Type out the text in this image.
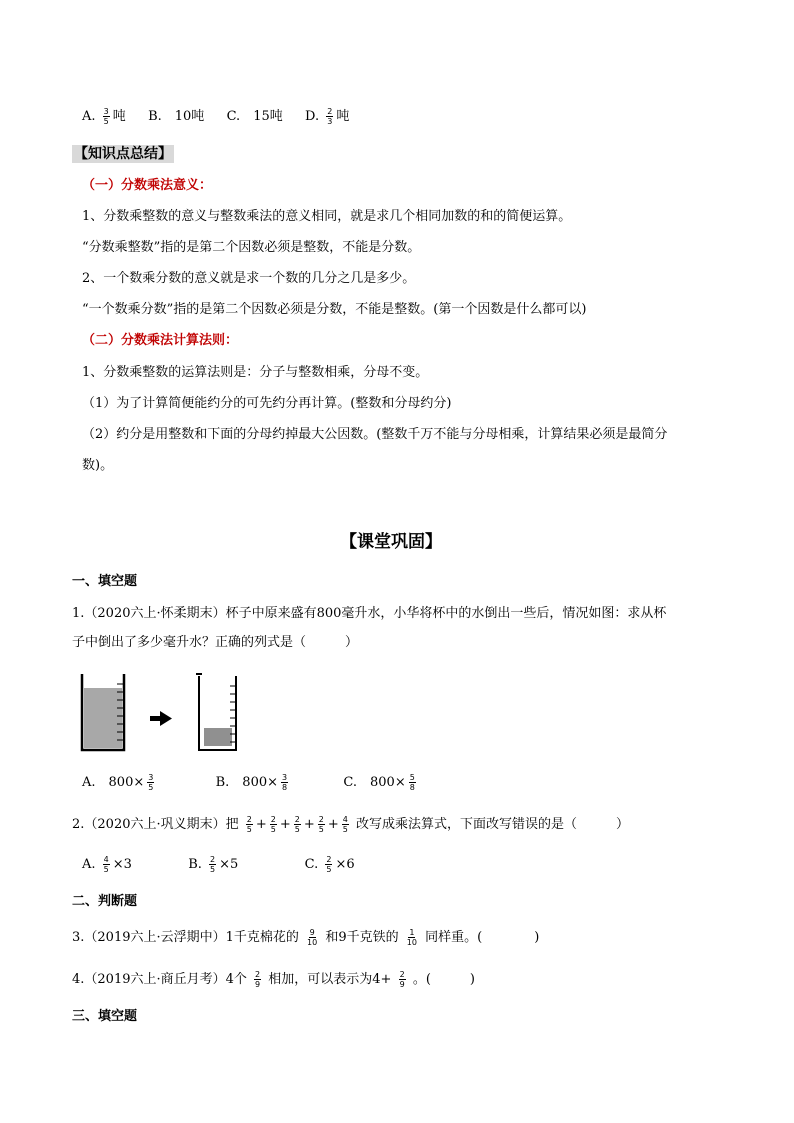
A. $\frac{3}{5}$ 吨 B.　10吨 C.　15吨 D. $\frac{2}{3}$ 吨
【知识点总结】
（一）分数乘法意义：
1、分数乘整数的意义与整数乘法的意义相同，就是求几个相同加数的和的简便运算。
“分数乘整数”指的是第二个因数必须是整数，不能是分数。
2、一个数乘分数的意义就是求一个数的几分之几是多少。
“一个数乘分数”指的是第二个因数必须是分数，不能是整数。(第一个因数是什么都可以)
（二）分数乘法计算法则：
1、分数乘整数的运算法则是：分子与整数相乘，分母不变。
（1）为了计算简便能约分的可先约分再计算。(整数和分母约分)
（2）约分是用整数和下面的分母约掉最大公因数。(整数千万不能与分母相乘，计算结果必须是最简分
数)。
【课堂巩固】
一、填空题
1.（2020六上·怀柔期末）杯子中原来盛有800毫升水，小华将杯中的水倒出一些后，情况如图：求从杯
子中倒出了多少毫升水？正确的列式是（　　　）
A.　$800\times \frac{3}{5}$	B.　$800\times \frac{3}{8}$	C.　$800\times \frac{5}{8}$
2.（2020六上·巩义期末）把 $\frac{2}{5} + \frac{2}{5} + \frac{2}{5} + \frac{2}{5} + \frac{4}{5}$ 改写成乘法算式，下面改写错误的是（　　　）
A. $\frac{4}{5} \times 3$	B. $\frac{2}{5} \times 5$	C. $\frac{2}{5} \times 6$
二、判断题
3.（2019六上·云浮期中）1千克棉花的 $\frac{9}{10}$ 和9千克铁的 $\frac{1}{10}$ 同样重。(　　　　)
4.（2019六上·商丘月考）4个 $\frac{2}{9}$ 相加，可以表示为$4+ \frac{2}{9}$ 。(　　　)
三、填空题
